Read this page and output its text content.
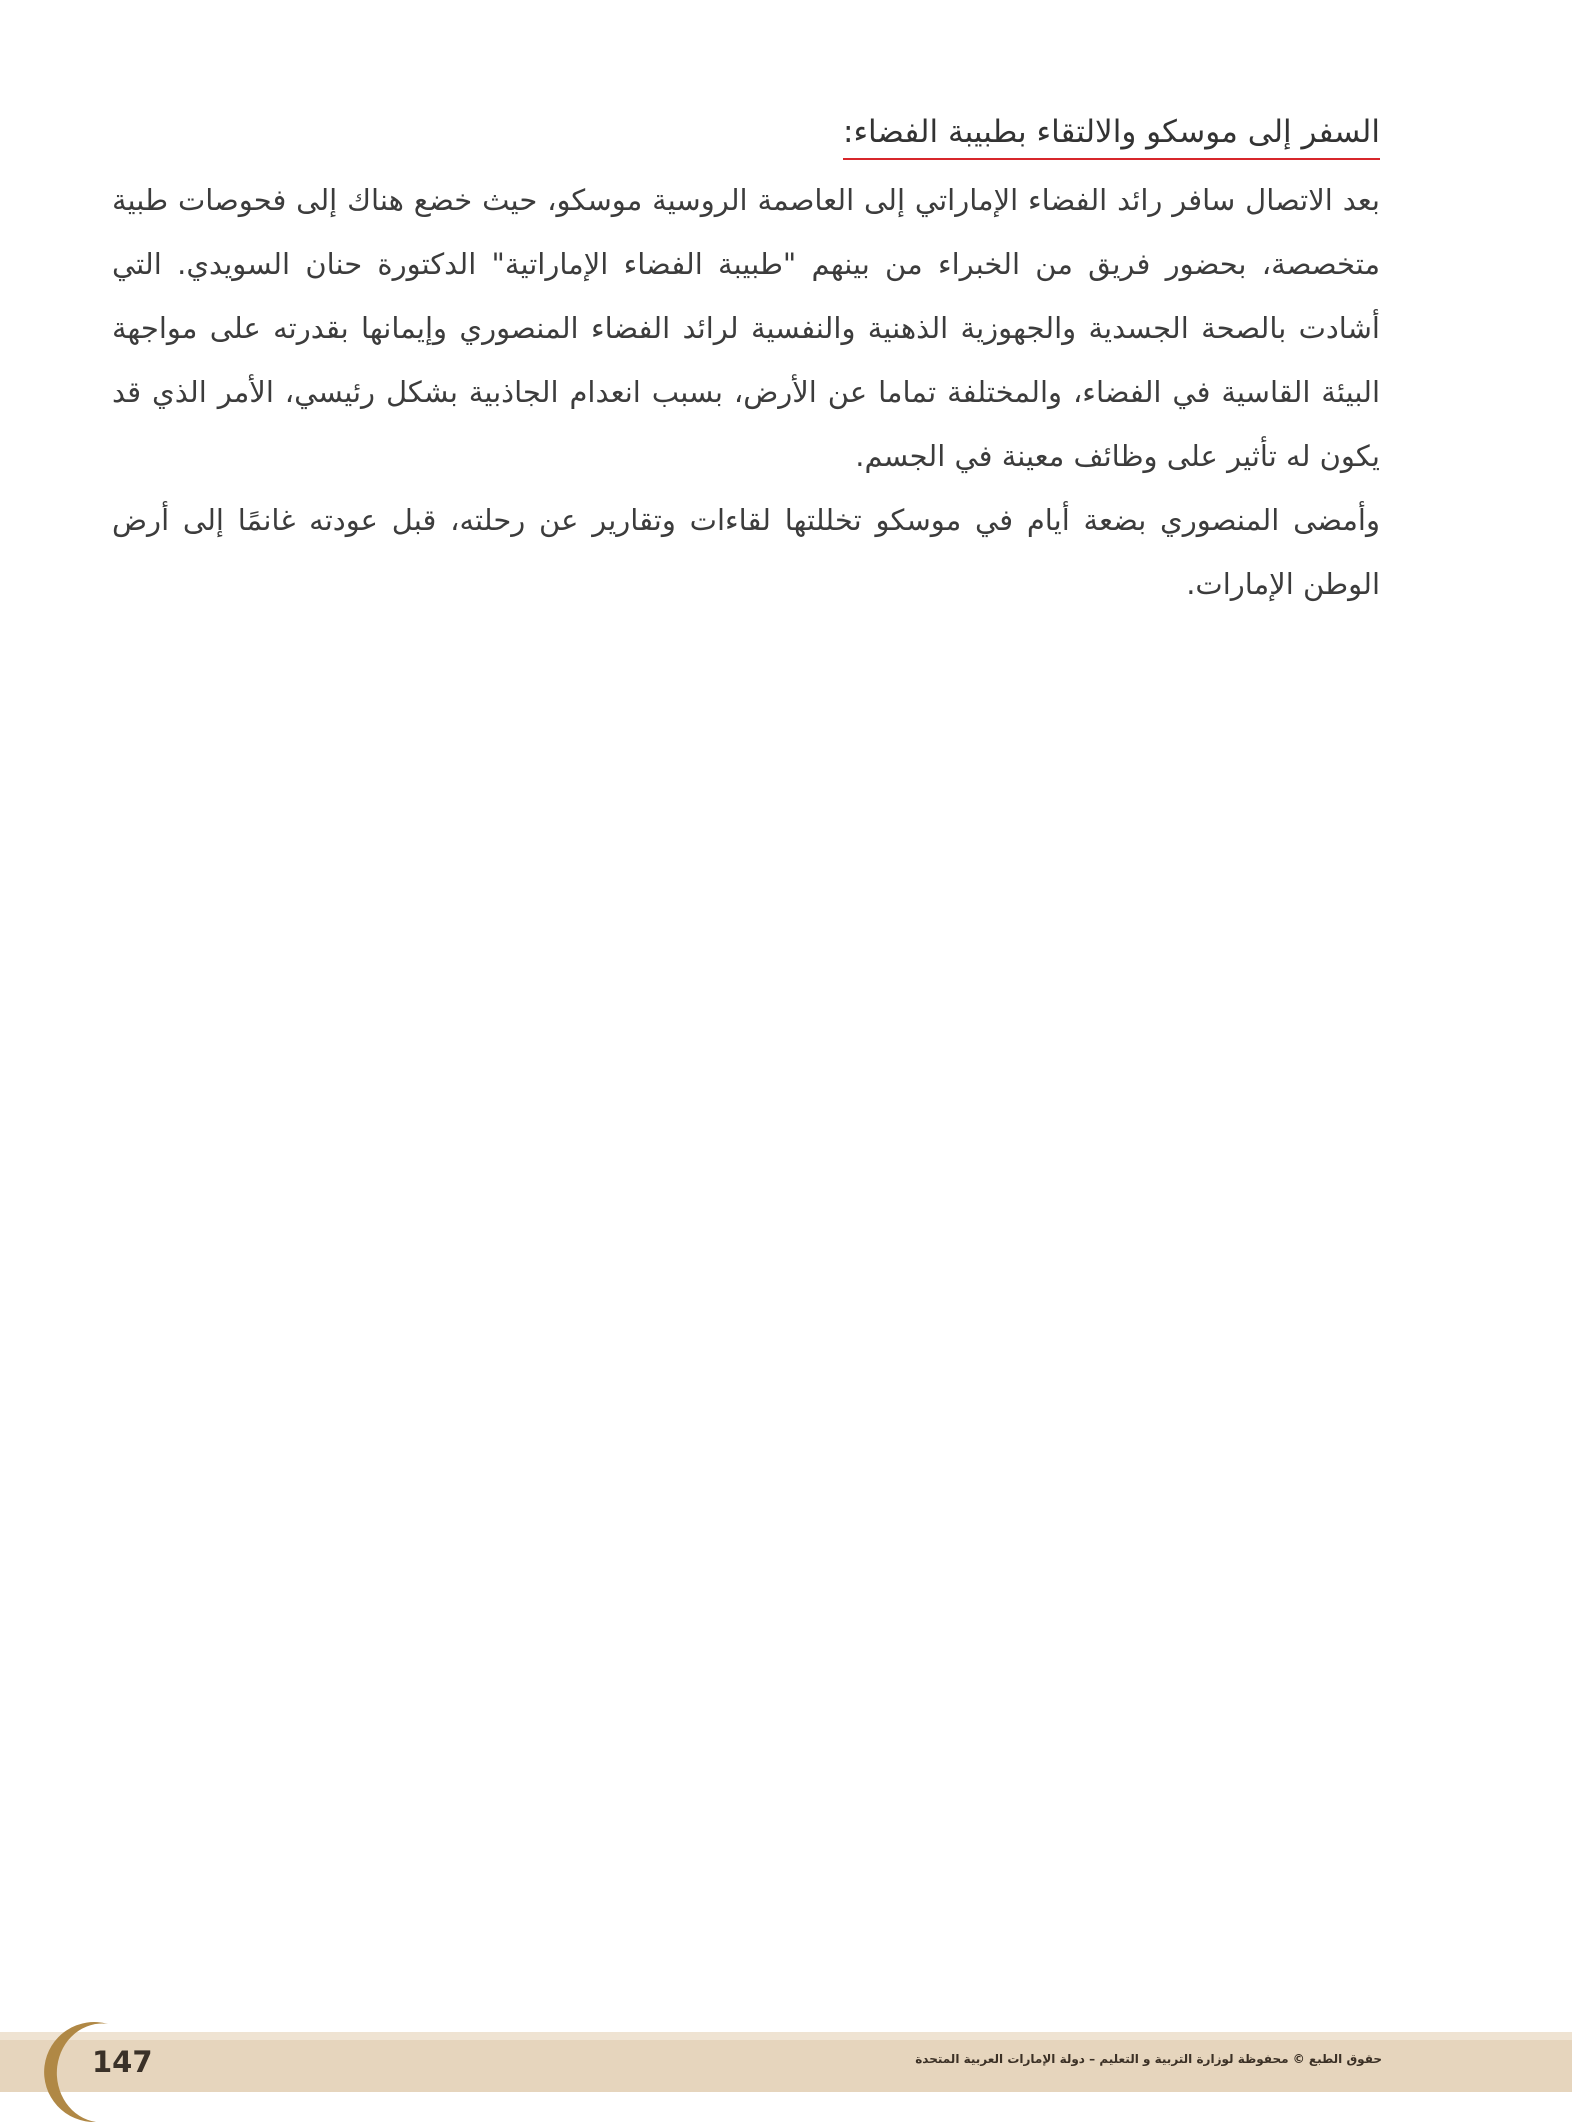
السفر إلى موسكو والالتقاء بطبيبة الفضاء:

بعد الاتصال سافر رائد الفضاء الإماراتي إلى العاصمة الروسية موسكو، حيث خضع هناك إلى فحوصات طبية متخصصة، بحضور فريق من الخبراء من بينهم "طبيبة الفضاء الإماراتية" الدكتورة حنان السويدي. التي أشادت بالصحة الجسدية والجهوزية الذهنية والنفسية لرائد الفضاء المنصوري وإيمانها بقدرته على مواجهة البيئة القاسية في الفضاء، والمختلفة تماما عن الأرض، بسبب انعدام الجاذبية بشكل رئيسي، الأمر الذي قد يكون له تأثير على وظائف معينة في الجسم.

وأمضى المنصوري بضعة أيام في موسكو تخللتها لقاءات وتقارير عن رحلته، قبل عودته غانمًا إلى أرض الوطن الإمارات.

147	حقوق الطبع © محفوظة لوزارة التربية و التعليم – دولة الإمارات العربية المتحدة
